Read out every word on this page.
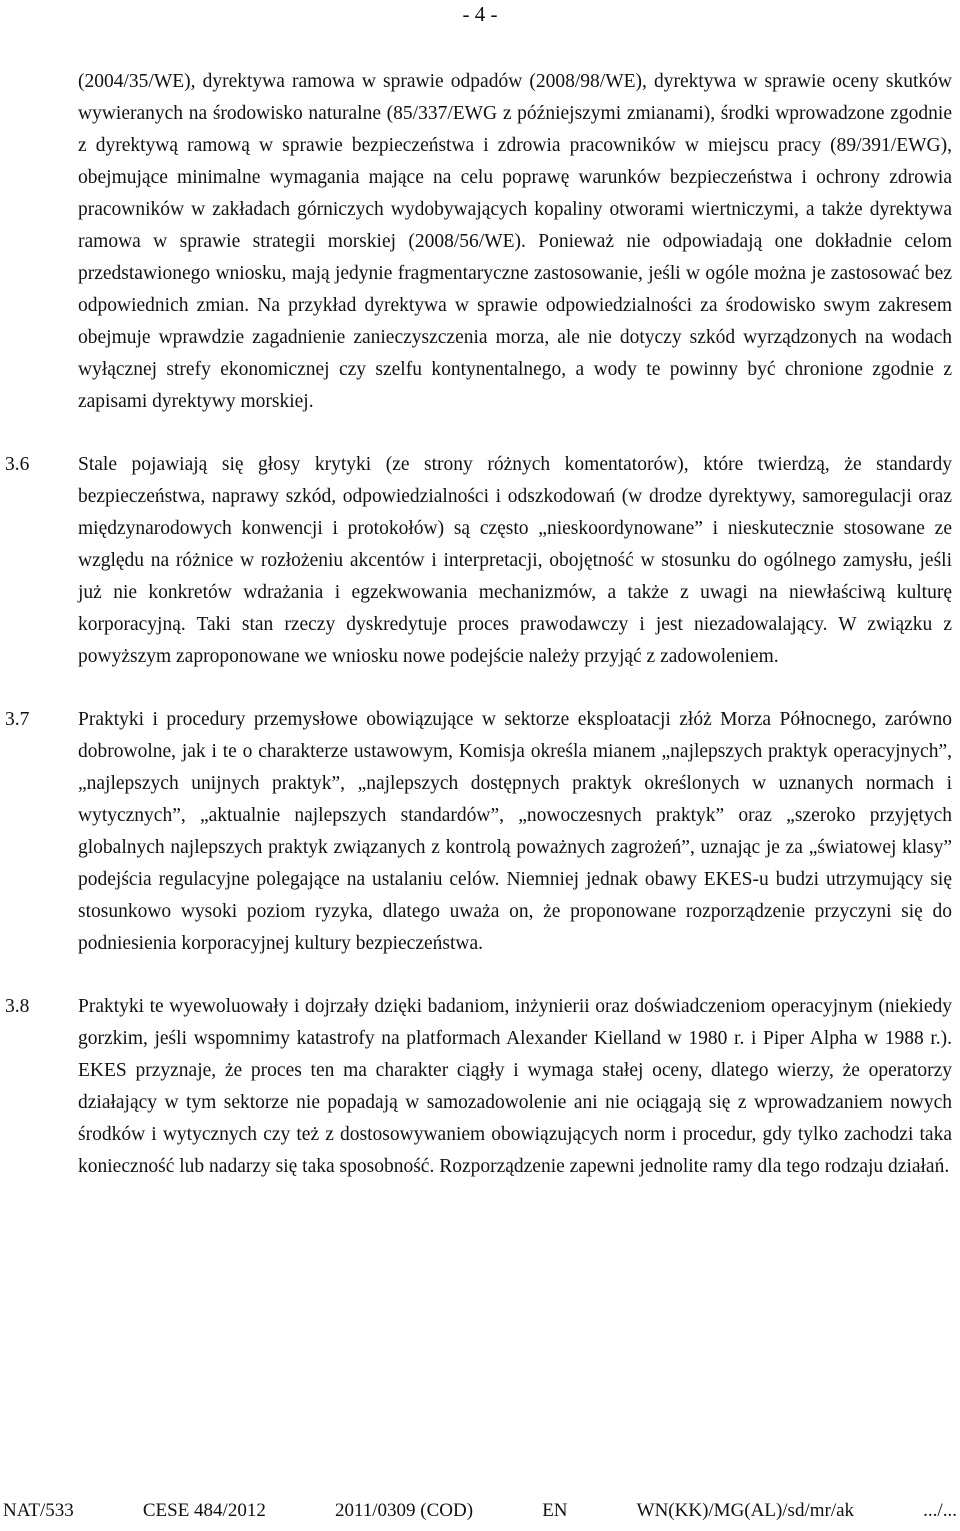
- 4 -

(2004/35/WE), dyrektywa ramowa w sprawie odpadów (2008/98/WE), dyrektywa w sprawie oceny skutków wywieranych na środowisko naturalne (85/337/EWG z późniejszymi zmianami), środki wprowadzone zgodnie z dyrektywą ramową w sprawie bezpieczeństwa i zdrowia pracowników w miejscu pracy (89/391/EWG), obejmujące minimalne wymagania mające na celu poprawę warunków bezpieczeństwa i ochrony zdrowia pracowników w zakładach górniczych wydobywających kopaliny otworami wiertniczymi, a także dyrektywa ramowa w sprawie strategii morskiej (2008/56/WE). Ponieważ nie odpowiadają one dokładnie celom przedstawionego wniosku, mają jedynie fragmentaryczne zastosowanie, jeśli w ogóle można je zastosować bez odpowiednich zmian. Na przykład dyrektywa w sprawie odpowiedzialności za środowisko swym zakresem obejmuje wprawdzie zagadnienie zanieczyszczenia morza, ale nie dotyczy szkód wyrządzonych na wodach wyłącznej strefy ekonomicznej czy szelfu kontynentalnego, a wody te powinny być chronione zgodnie z zapisami dyrektywy morskiej.

3.6 Stale pojawiają się głosy krytyki (ze strony różnych komentatorów), które twierdzą, że standardy bezpieczeństwa, naprawy szkód, odpowiedzialności i odszkodowań (w drodze dyrektywy, samoregulacji oraz międzynarodowych konwencji i protokołów) są często „nieskoordynowane” i nieskutecznie stosowane ze względu na różnice w rozłożeniu akcentów i interpretacji, obojętność w stosunku do ogólnego zamysłu, jeśli już nie konkretów wdrażania i egzekwowania mechanizmów, a także z uwagi na niewłaściwą kulturę korporacyjną. Taki stan rzeczy dyskredytuje proces prawodawczy i jest niezadowalający. W związku z powyższym zaproponowane we wniosku nowe podejście należy przyjąć z zadowoleniem.

3.7 Praktyki i procedury przemysłowe obowiązujące w sektorze eksploatacji złóż Morza Północnego, zarówno dobrowolne, jak i te o charakterze ustawowym, Komisja określa mianem „najlepszych praktyk operacyjnych”, „najlepszych unijnych praktyk”, „najlepszych dostępnych praktyk określonych w uznanych normach i wytycznych”, „aktualnie najlepszych standardów”, „nowoczesnych praktyk” oraz „szeroko przyjętych globalnych najlepszych praktyk związanych z kontrolą poważnych zagrożeń”, uznając je za „światowej klasy” podejścia regulacyjne polegające na ustalaniu celów. Niemniej jednak obawy EKES-u budzi utrzymujący się stosunkowo wysoki poziom ryzyka, dlatego uważa on, że proponowane rozporządzenie przyczyni się do podniesienia korporacyjnej kultury bezpieczeństwa.

3.8 Praktyki te wyewoluowały i dojrzały dzięki badaniom, inżynierii oraz doświadczeniom operacyjnym (niekiedy gorzkim, jeśli wspomnimy katastrofy na platformach Alexander Kielland w 1980 r. i Piper Alpha w 1988 r.). EKES przyznaje, że proces ten ma charakter ciągły i wymaga stałej oceny, dlatego wierzy, że operatorzy działający w tym sektorze nie popadają w samozadowolenie ani nie ociągają się z wprowadzaniem nowych środków i wytycznych czy też z dostosowywaniem obowiązujących norm i procedur, gdy tylko zachodzi taka konieczność lub nadarzy się taka sposobność. Rozporządzenie zapewni jednolite ramy dla tego rodzaju działań.

NAT/533	CESE 484/2012	2011/0309 (COD)	EN	WN(KK)/MG(AL)/sd/mr/ak	.../...
